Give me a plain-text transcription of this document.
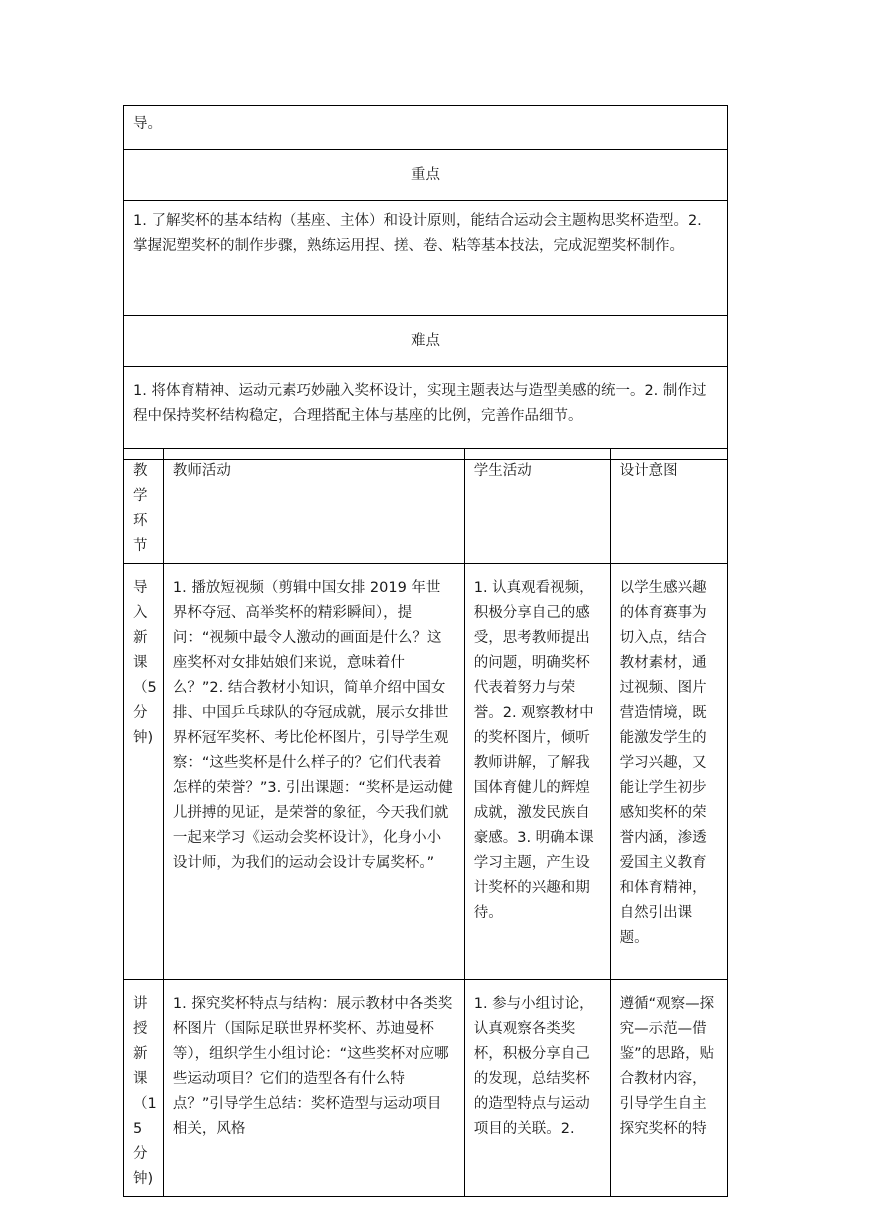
导。
重点
1. 了解奖杯的基本结构（基座、主体）和设计原则，能结合运动会主题构思奖杯造型。2. 掌握泥塑奖杯的制作步骤，熟练运用捏、搓、卷、粘等基本技法，完成泥塑奖杯制作。
难点
1. 将体育精神、运动元素巧妙融入奖杯设计，实现主题表达与造型美感的统一。2. 制作过程中保持奖杯结构稳定，合理搭配主体与基座的比例，完善作品细节。
教学环节	教师活动	学生活动	设计意图
导入新课（5分钟)	1. 播放短视频（剪辑中国女排 2019 年世界杯夺冠、高举奖杯的精彩瞬间），提问：“视频中最令人激动的画面是什么？这座奖杯对女排姑娘们来说，意味着什么？”2. 结合教材小知识，简单介绍中国女排、中国乒乓球队的夺冠成就，展示女排世界杯冠军奖杯、考比伦杯图片，引导学生观察：“这些奖杯是什么样子的？它们代表着怎样的荣誉？”3. 引出课题：“奖杯是运动健儿拼搏的见证，是荣誉的象征，今天我们就一起来学习《运动会奖杯设计》，化身小小设计师，为我们的运动会设计专属奖杯。”	1. 认真观看视频，积极分享自己的感受，思考教师提出的问题，明确奖杯代表着努力与荣誉。2. 观察教材中的奖杯图片，倾听教师讲解，了解我国体育健儿的辉煌成就，激发民族自豪感。3. 明确本课学习主题，产生设计奖杯的兴趣和期待。	以学生感兴趣的体育赛事为切入点，结合教材素材，通过视频、图片营造情境，既能激发学生的学习兴趣，又能让学生初步感知奖杯的荣誉内涵，渗透爱国主义教育和体育精神，自然引出课题。
讲授新课（15分钟)	1. 探究奖杯特点与结构：展示教材中各类奖杯图片（国际足联世界杯奖杯、苏迪曼杯等），组织学生小组讨论：“这些奖杯对应哪些运动项目？它们的造型各有什么特点？”引导学生总结：奖杯造型与运动项目相关，风格	1. 参与小组讨论，认真观察各类奖杯，积极分享自己的发现，总结奖杯的造型特点与运动项目的关联。2.	遵循“观察—探究—示范—借鉴”的思路，贴合教材内容，引导学生自主探究奖杯的特
